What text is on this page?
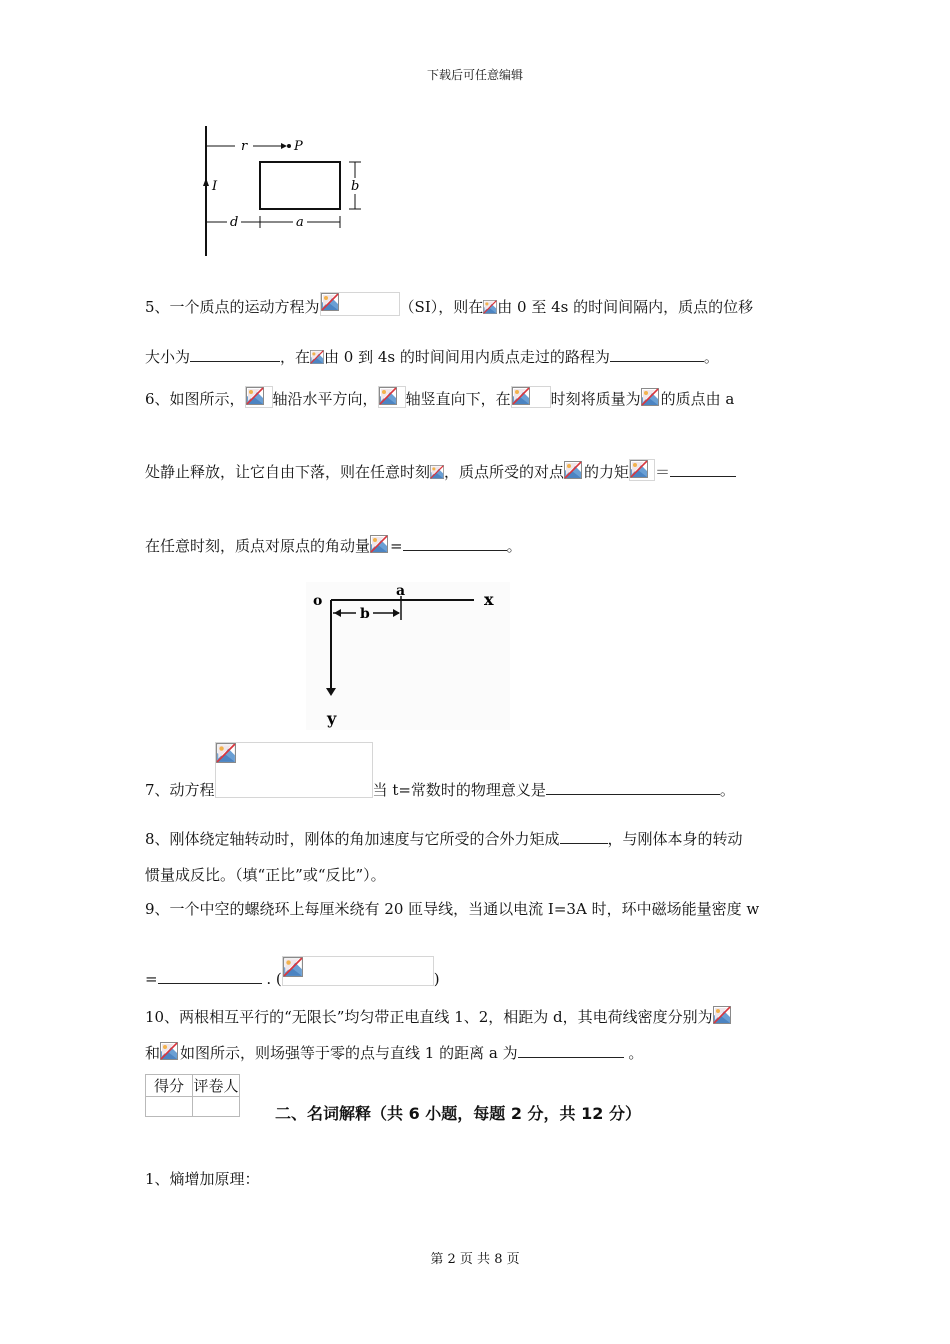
下载后可任意编辑
I
r	P
b
d	a
5、一个质点的运动方程为	（SI），则在 由 0 至 4s 的时间间隔内，质点的位移
大小为	，在 由 0 到 4s 的时间间用内质点走过的路程为	。
6、如图所示， 轴沿水平方向， 轴竖直向下，在	时刻将质量为 的质点由 a
处静止释放，让它自由下落，则在任意时刻 ，质点所受的对点 的力矩 ＝
在任意时刻，质点对原点的角动量 =	。
o
a	x
y
b
7、动方程	当 t=常数时的物理意义是	。
8、刚体绕定轴转动时，刚体的角加速度与它所受的合外力矩成	，与刚体本身的转动
惯量成反比。（填“正比”或“反比”）。
9、一个中空的螺绕环上每厘米绕有 20 匝导线，当通以电流 I=3A 时，环中磁场能量密度 w
=	. (	)
10、两根相互平行的“无限长”均匀带正电直线 1、2，相距为 d，其电荷线密度分别为
和 如图所示，则场强等于零的点与直线 1 的距离 a 为	。
得分	评卷人

二、名词解释（共 6 小题，每题 2 分，共 12 分）
1、熵增加原理：
第 2 页 共 8 页
